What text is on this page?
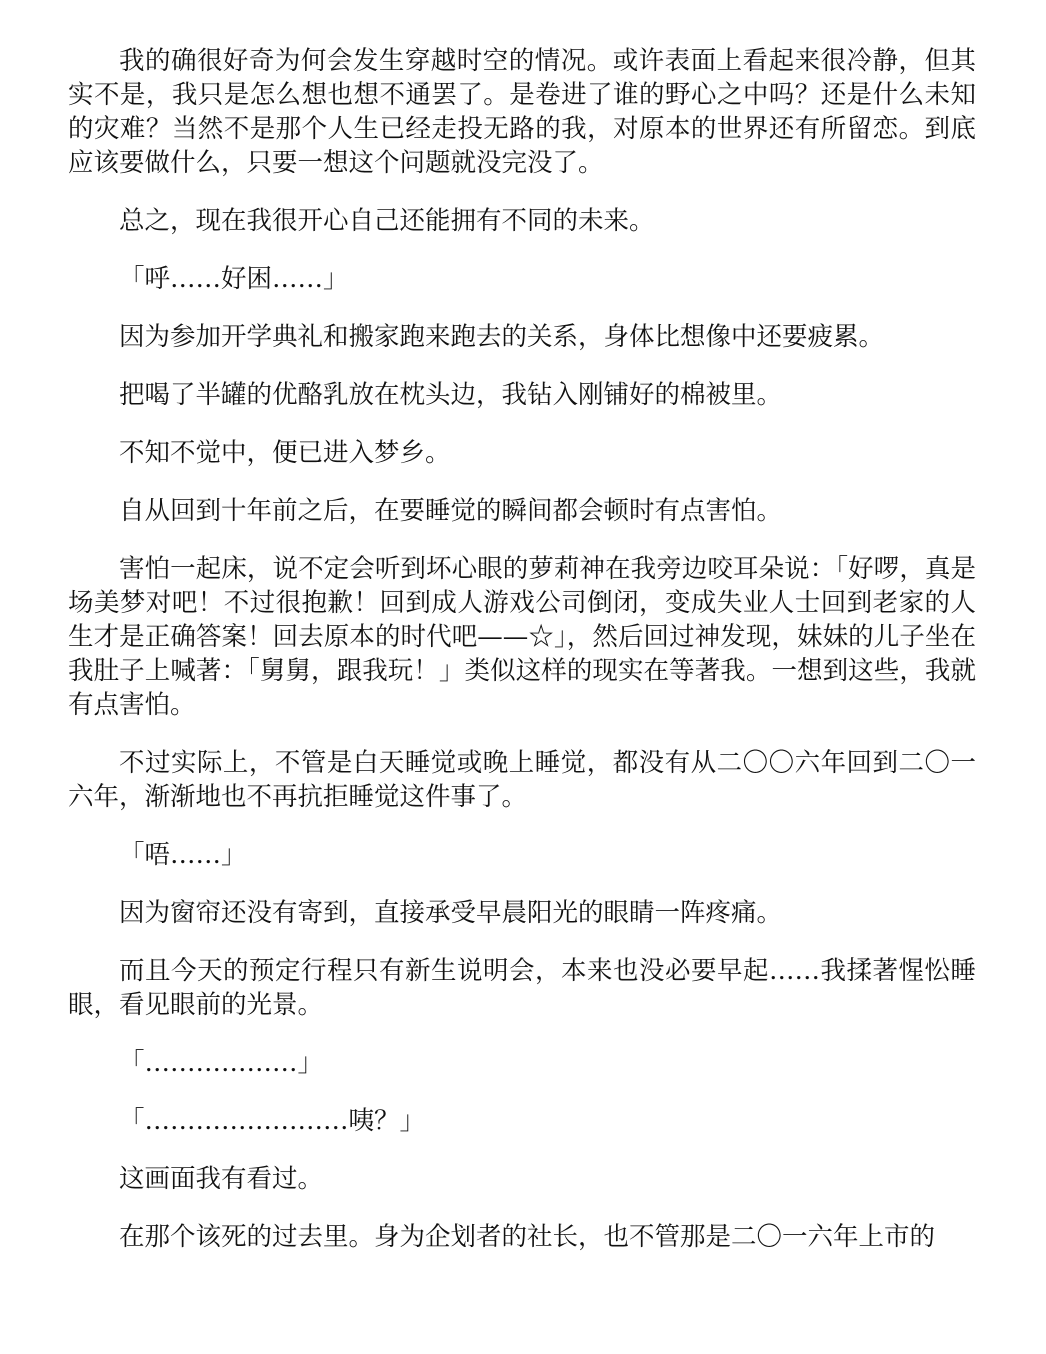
我的确很好奇为何会发生穿越时空的情况。或许表面上看起来很冷静，但其实不是，我只是怎么想也想不通罢了。是卷进了谁的野心之中吗？还是什么未知的灾难？当然不是那个人生已经走投无路的我，对原本的世界还有所留恋。到底应该要做什么，只要一想这个问题就没完没了。

总之，现在我很开心自己还能拥有不同的未来。

「呼……好困……」

因为参加开学典礼和搬家跑来跑去的关系，身体比想像中还要疲累。

把喝了半罐的优酪乳放在枕头边，我钻入刚铺好的棉被里。

不知不觉中，便已进入梦乡。

自从回到十年前之后，在要睡觉的瞬间都会顿时有点害怕。

害怕一起床，说不定会听到坏心眼的萝莉神在我旁边咬耳朵说：「好啰，真是场美梦对吧！不过很抱歉！回到成人游戏公司倒闭，变成失业人士回到老家的人生才是正确答案！回去原本的时代吧——☆」，然后回过神发现，妹妹的儿子坐在我肚子上喊著：「舅舅，跟我玩！」类似这样的现实在等著我。一想到这些，我就有点害怕。

不过实际上，不管是白天睡觉或晚上睡觉，都没有从二〇〇六年回到二〇一六年，渐渐地也不再抗拒睡觉这件事了。

「唔……」

因为窗帘还没有寄到，直接承受早晨阳光的眼睛一阵疼痛。

而且今天的预定行程只有新生说明会，本来也没必要早起……我揉著惺忪睡眼，看见眼前的光景。

「………………」

「……………………咦？」

这画面我有看过。

在那个该死的过去里。身为企划者的社长，也不管那是二〇一六年上市的
